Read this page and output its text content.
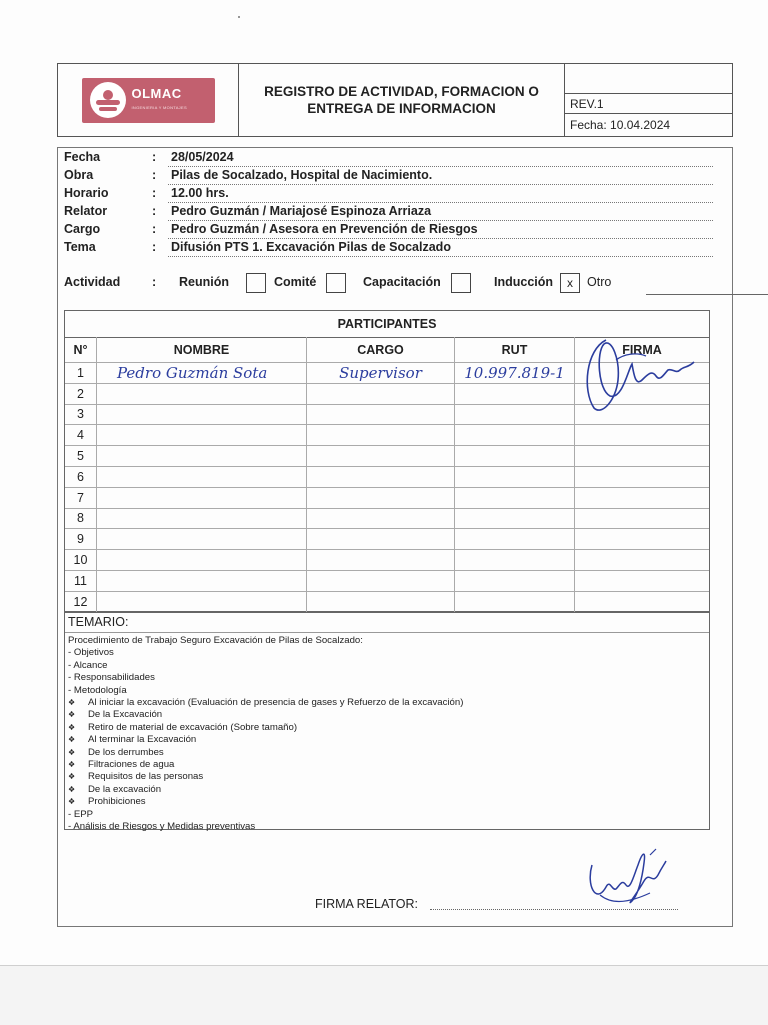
OLMAC
INGENIERIA Y MONTAJES
REGISTRO DE ACTIVIDAD, FORMACION O
ENTREGA DE INFORMACION	REV.1
Fecha: 10.04.2024
Fecha	: 28/05/2024
Obra	: Pilas de Socalzado, Hospital de Nacimiento.
Horario	: 12.00 hrs.
Relator	: Pedro Guzmán / Mariajosé Espinoza Arriaza
Cargo	: Pedro Guzmán / Asesora en Prevención de Riesgos
Tema	: Difusión PTS 1. Excavación Pilas de Socalzado
Actividad	: Reunión	Comité	Capacitación	Inducción	x	Otro
PARTICIPANTES
N°	NOMBRE	CARGO	RUT	FIRMA
1	Pedro Guzmán Sota	Supervisor	10.997.819-1
2
3
4
5
6
7
8
9
10
11
12
TEMARIO:
Procedimiento de Trabajo Seguro Excavación de Pilas de Socalzado:
- Objetivos
- Alcance
- Responsabilidades
- Metodología
❖ Al iniciar la excavación (Evaluación de presencia de gases y Refuerzo de la excavación)
❖ De la Excavación
❖ Retiro de material de excavación (Sobre tamaño)
❖ Al terminar la Excavación
❖ De los derrumbes
❖ Filtraciones de agua
❖ Requisitos de las personas
❖ De la excavación
❖ Prohibiciones
- EPP
- Análisis de Riesgos y Medidas preventivas
FIRMA RELATOR:
